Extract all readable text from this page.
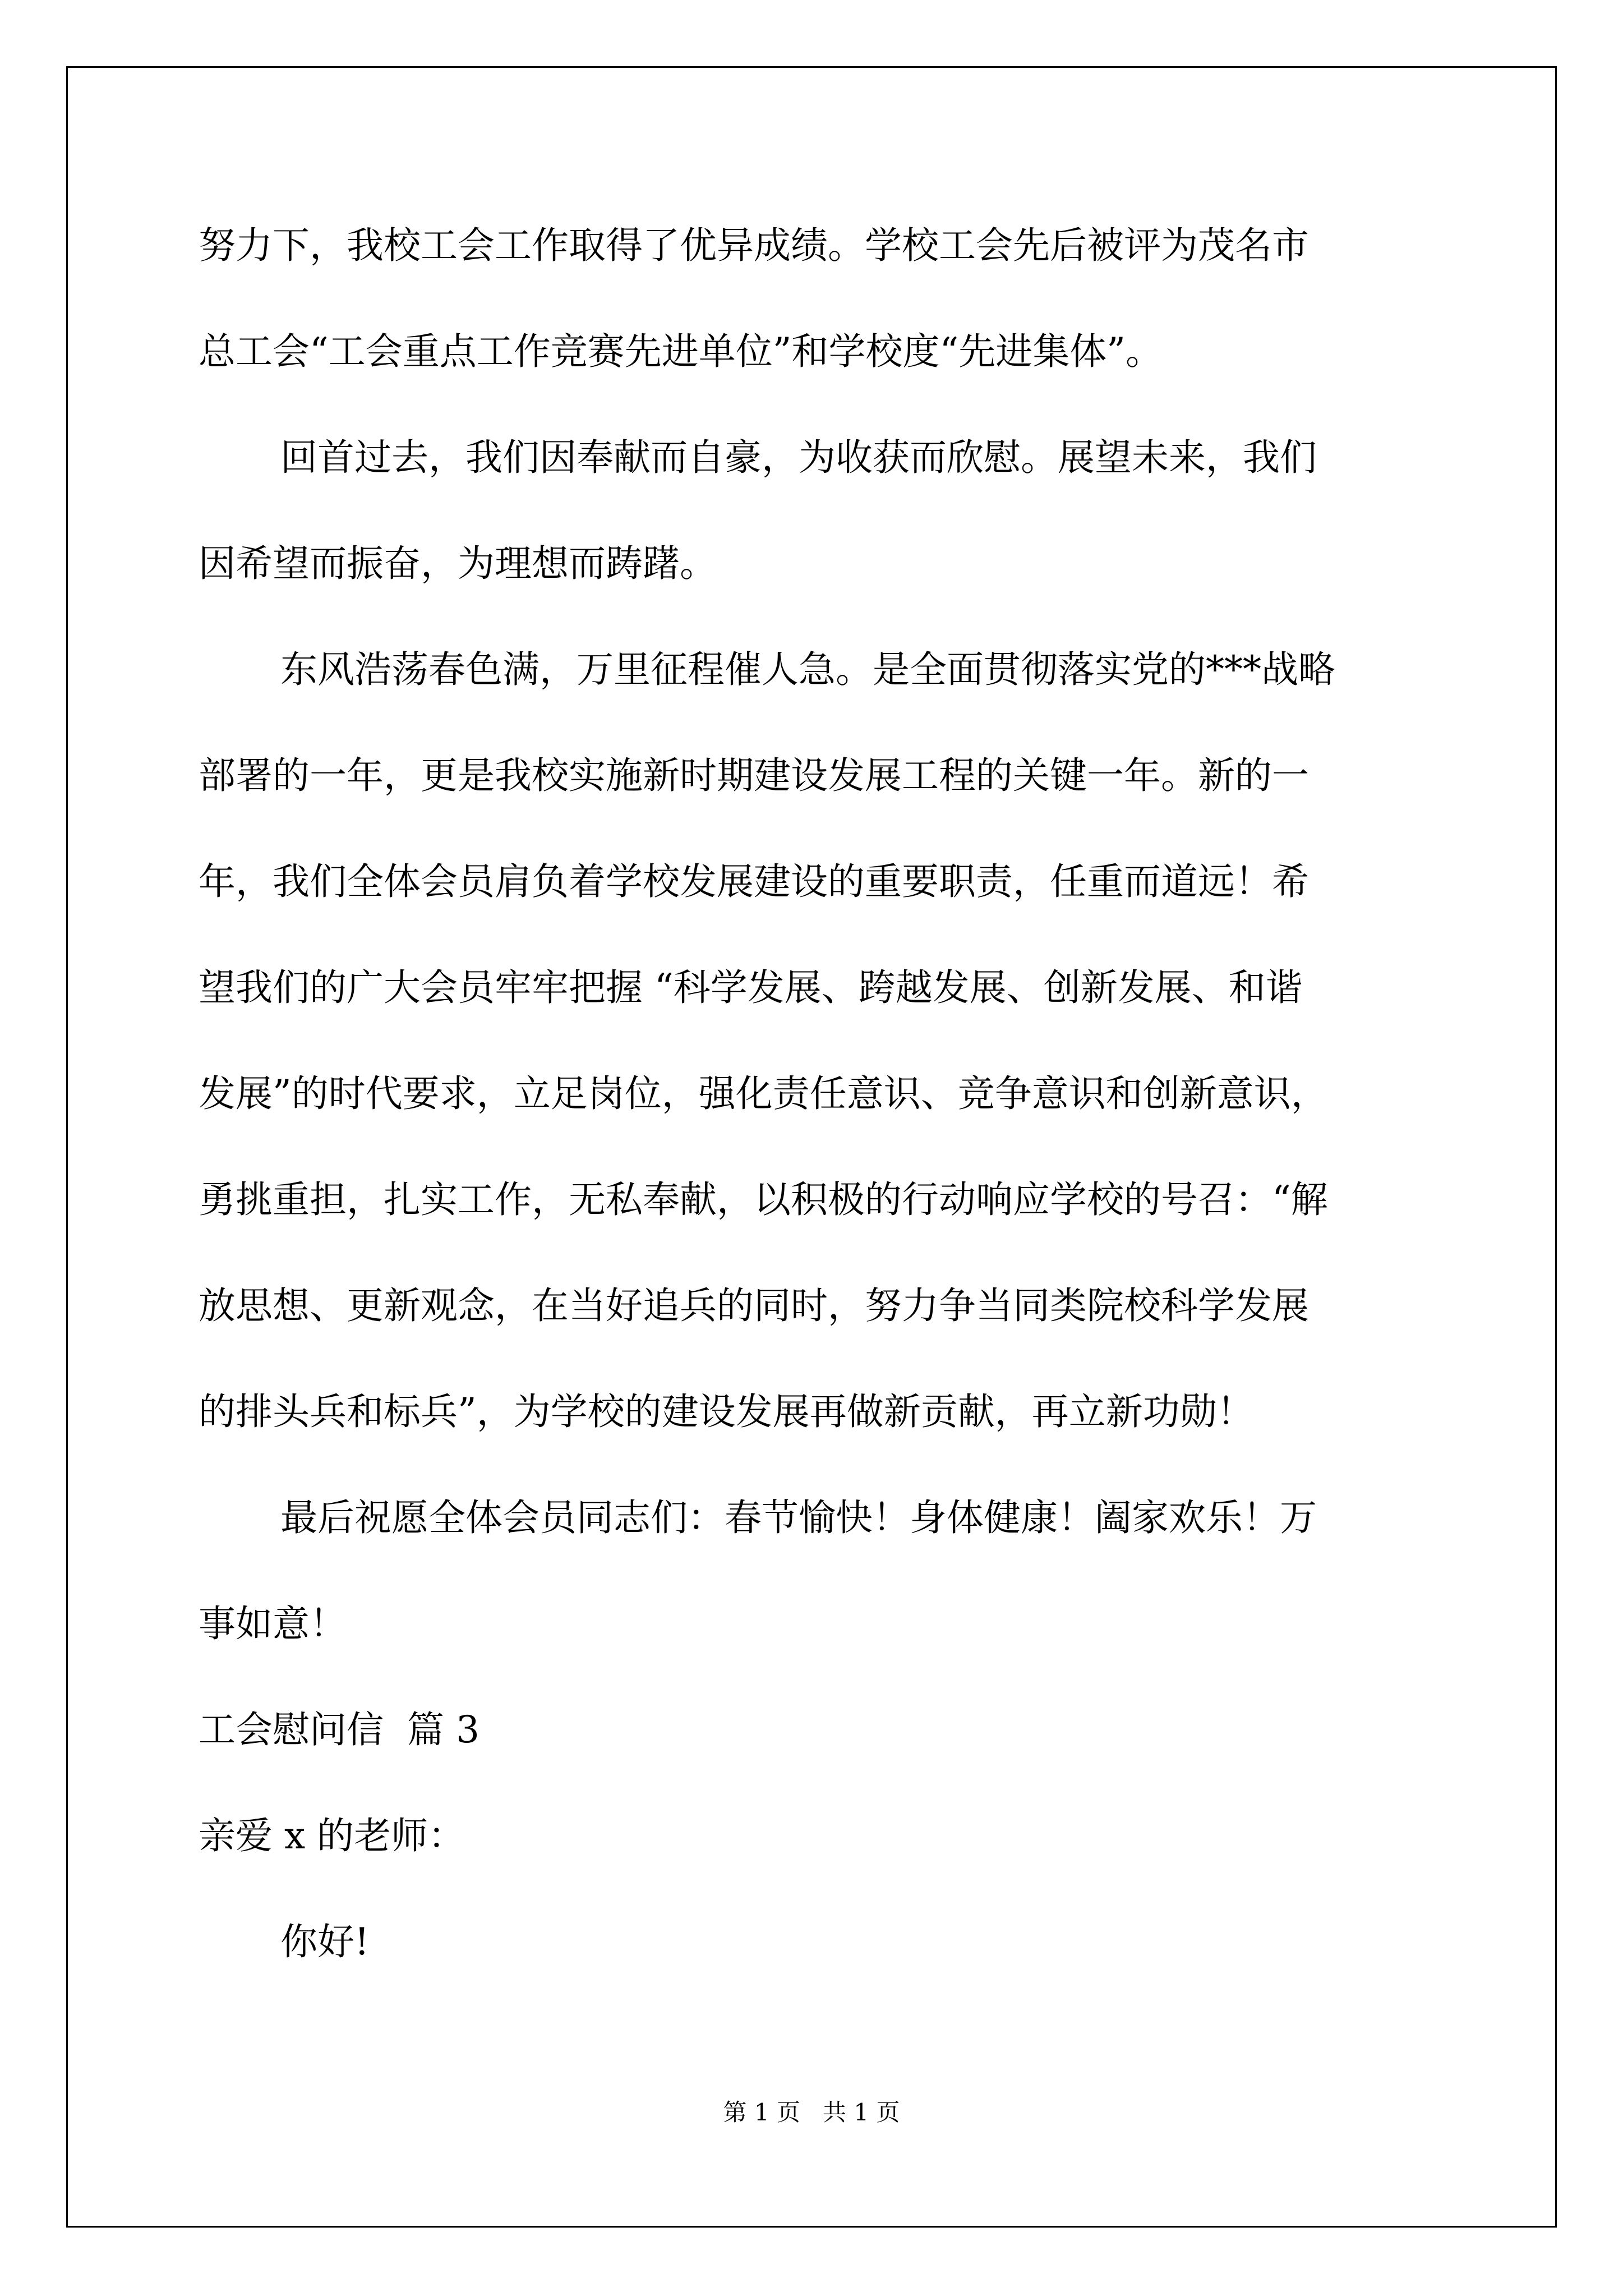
努力下，我校工会工作取得了优异成绩。学校工会先后被评为茂名市
总工会“工会重点工作竞赛先进单位”和学校度“先进集体”。
回首过去，我们因奉献而自豪，为收获而欣慰。展望未来，我们
因希望而振奋，为理想而踌躇。
东风浩荡春色满，万里征程催人急。是全面贯彻落实党的***战略
部署的一年，更是我校实施新时期建设发展工程的关键一年。新的一
年，我们全体会员肩负着学校发展建设的重要职责，任重而道远！希
望我们的广大会员牢牢把握 “科学发展、跨越发展、创新发展、和谐
发展”的时代要求，立足岗位，强化责任意识、竞争意识和创新意识，
勇挑重担，扎实工作，无私奉献，以积极的行动响应学校的号召：“解
放思想、更新观念，在当好追兵的同时，努力争当同类院校科学发展
的排头兵和标兵”，为学校的建设发展再做新贡献，再立新功勋！
最后祝愿全体会员同志们：春节愉快！身体健康！阖家欢乐！万
事如意！
工会慰问信  篇 3
亲爱 x 的老师：
你好!
第 1 页   共 1 页
